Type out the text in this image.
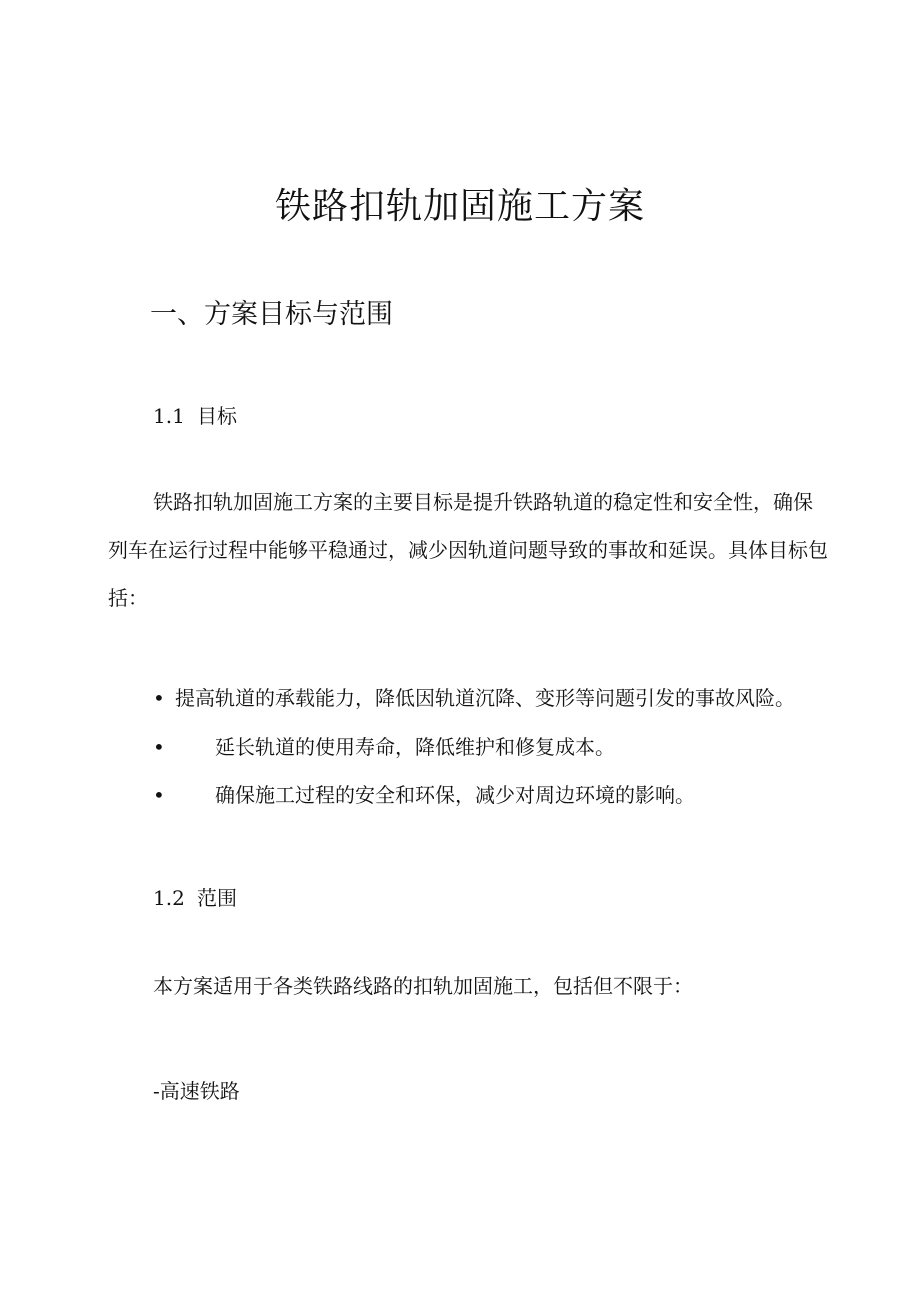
铁路扣轨加固施工方案
一、方案目标与范围
1.1 目标
铁路扣轨加固施工方案的主要目标是提升铁路轨道的稳定性和安全性，确保列车在运行过程中能够平稳通过，减少因轨道问题导致的事故和延误。具体目标包括：
• 提高轨道的承载能力，降低因轨道沉降、变形等问题引发的事故风险。
•	延长轨道的使用寿命，降低维护和修复成本。
•	确保施工过程的安全和环保，减少对周边环境的影响。
1.2 范围
本方案适用于各类铁路线路的扣轨加固施工，包括但不限于：
-高速铁路
